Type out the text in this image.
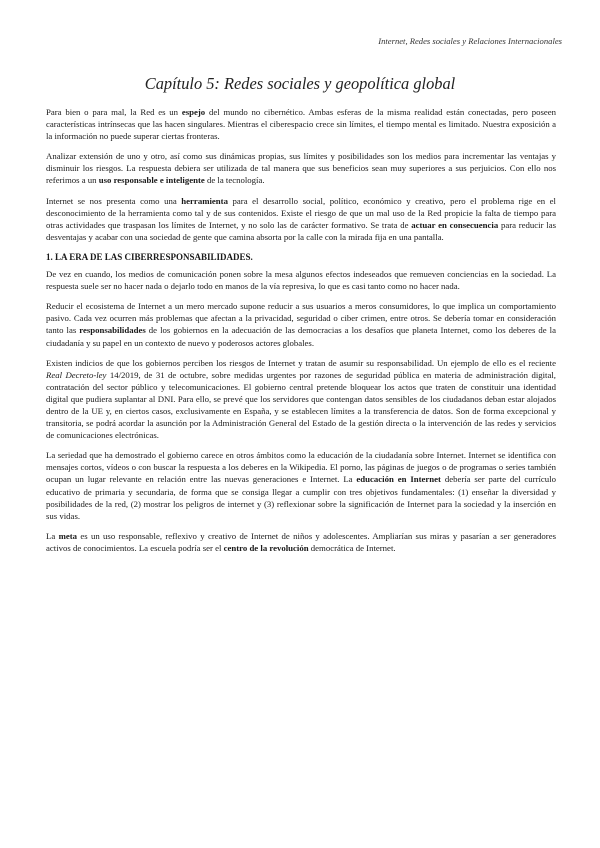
Internet, Redes sociales y Relaciones Internacionales
Capítulo 5: Redes sociales y geopolítica global

Para bien o para mal, la Red es un espejo del mundo no cibernético. Ambas esferas de la misma realidad están conectadas, pero poseen características intrínsecas que las hacen singulares. Mientras el ciberespacio crece sin límites, el tiempo mental es limitado. Nuestra exposición a la información no puede superar ciertas fronteras.

Analizar extensión de uno y otro, así como sus dinámicas propias, sus límites y posibilidades son los medios para incrementar las ventajas y disminuir los riesgos. La respuesta debiera ser utilizada de tal manera que sus beneficios sean muy superiores a sus perjuicios. Con ello nos referimos a un uso responsable e inteligente de la tecnología.

Internet se nos presenta como una herramienta para el desarrollo social, político, económico y creativo, pero el problema rige en el desconocimiento de la herramienta como tal y de sus contenidos. Existe el riesgo de que un mal uso de la Red propicie la falta de tiempo para otras actividades que traspasan los límites de Internet, y no solo las de carácter formativo. Se trata de actuar en consecuencia para reducir las desventajas y acabar con una sociedad de gente que camina absorta por la calle con la mirada fija en una pantalla.

1. LA ERA DE LAS CIBERRESPONSABILIDADES.

De vez en cuando, los medios de comunicación ponen sobre la mesa algunos efectos indeseados que remueven conciencias en la sociedad. La respuesta suele ser no hacer nada o dejarlo todo en manos de la vía represiva, lo que es casi tanto como no hacer nada.

Reducir el ecosistema de Internet a un mero mercado supone reducir a sus usuarios a meros consumidores, lo que implica un comportamiento pasivo. Cada vez ocurren más problemas que afectan a la privacidad, seguridad o ciber crimen, entre otros. Se debería tomar en consideración tanto las responsabilidades de los gobiernos en la adecuación de las democracias a los desafíos que planeta Internet, como los deberes de la ciudadanía y su papel en un contexto de nuevo y poderosos actores globales.

Existen indicios de que los gobiernos perciben los riesgos de Internet y tratan de asumir su responsabilidad. Un ejemplo de ello es el reciente Real Decreto-ley 14/2019, de 31 de octubre, sobre medidas urgentes por razones de seguridad pública en materia de administración digital, contratación del sector público y telecomunicaciones. El gobierno central pretende bloquear los actos que traten de constituir una identidad digital que pudiera suplantar al DNI. Para ello, se prevé que los servidores que contengan datos sensibles de los ciudadanos deban estar alojados dentro de la UE y, en ciertos casos, exclusivamente en España, y se establecen límites a la transferencia de datos. Son de forma excepcional y transitoria, se podrá acordar la asunción por la Administración General del Estado de la gestión directa o la intervención de las redes y servicios de comunicaciones electrónicas.

La seriedad que ha demostrado el gobierno carece en otros ámbitos como la educación de la ciudadanía sobre Internet. Internet se identifica con mensajes cortos, vídeos o con buscar la respuesta a los deberes en la Wikipedia. El porno, las páginas de juegos o de programas o series también ocupan un lugar relevante en relación entre las nuevas generaciones e Internet. La educación en Internet debería ser parte del currículo educativo de primaria y secundaria, de forma que se consiga llegar a cumplir con tres objetivos fundamentales: (1) enseñar la diversidad y posibilidades de la red, (2) mostrar los peligros de internet y (3) reflexionar sobre la significación de Internet para la sociedad y la inserción en sus vidas.

La meta es un uso responsable, reflexivo y creativo de Internet de niños y adolescentes. Ampliarían sus miras y pasarían a ser generadores activos de conocimientos. La escuela podría ser el centro de la revolución democrática de Internet.
